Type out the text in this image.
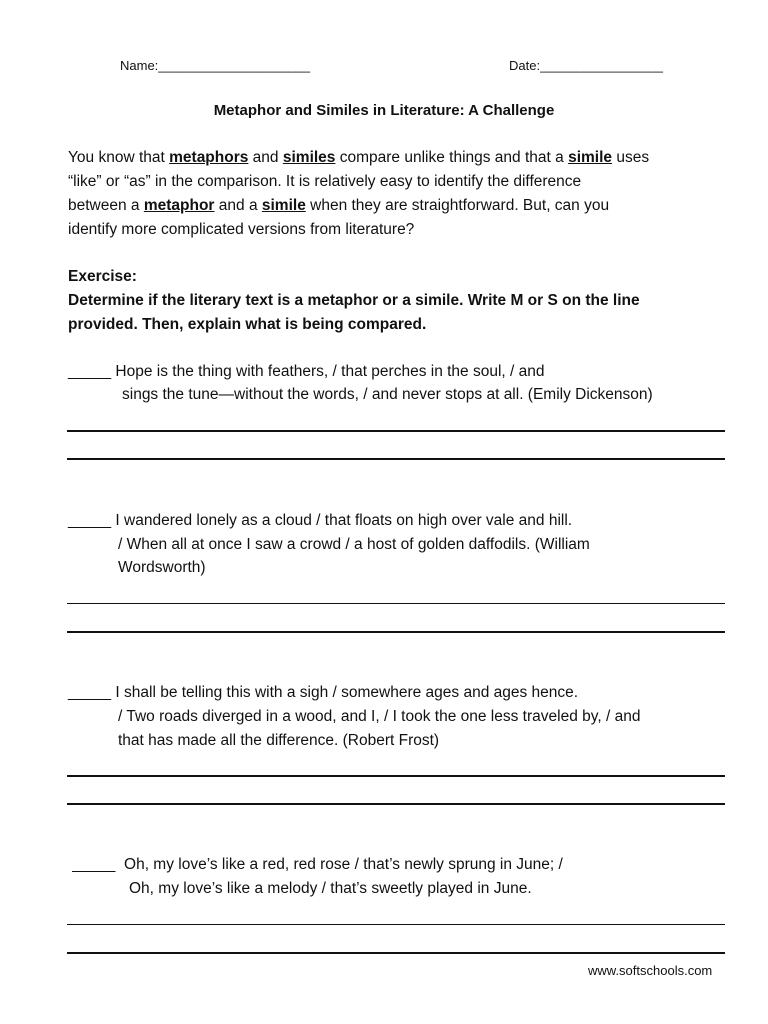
Name:_____________________	Date:_________________
Metaphor and Similes in Literature: A Challenge
You know that metaphors and similes compare unlike things and that a simile uses
“like” or “as” in the comparison. It is relatively easy to identify the difference
between a metaphor and a simile when they are straightforward. But, can you
identify more complicated versions from literature?
Exercise:
Determine if the literary text is a metaphor or a simile. Write M or S on the line
provided. Then, explain what is being compared.
_____ Hope is the thing with feathers, / that perches in the soul, / and
sings the tune—without the words, / and never stops at all. (Emily Dickenson)
_____ I wandered lonely as a cloud / that floats on high over vale and hill.
/ When all at once I saw a crowd / a host of golden daffodils. (William
Wordsworth)
_____ I shall be telling this with a sigh / somewhere ages and ages hence.
/ Two roads diverged in a wood, and I, / I took the one less traveled by, / and
that has made all the difference. (Robert Frost)
_____  Oh, my love’s like a red, red rose / that’s newly sprung in June; /
Oh, my love’s like a melody / that’s sweetly played in June.
www.softschools.com
